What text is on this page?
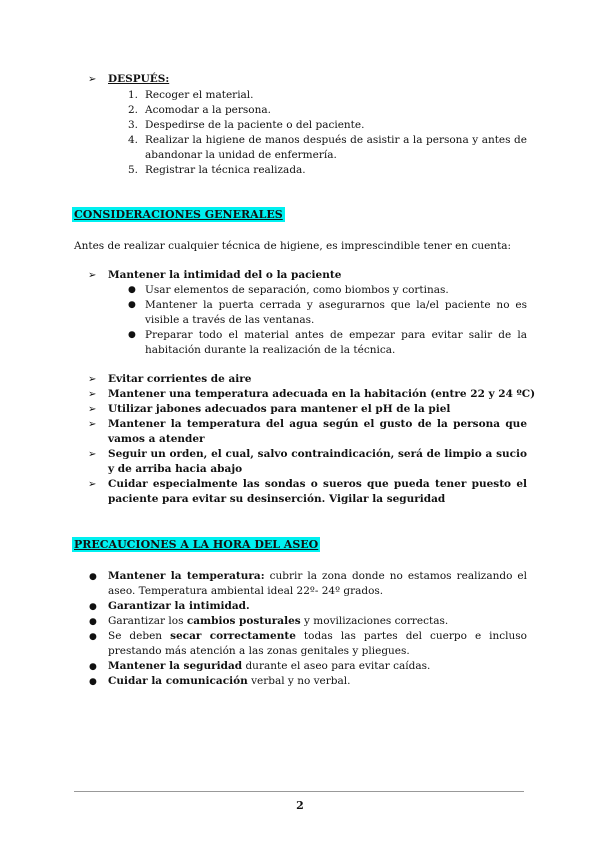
➢ DESPUÉS:
1. Recoger el material.
2. Acomodar a la persona.
3. Despedirse de la paciente o del paciente.
4. Realizar la higiene de manos después de asistir a la persona y antes de abandonar la unidad de enfermería.
5. Registrar la técnica realizada.
CONSIDERACIONES GENERALES
Antes de realizar cualquier técnica de higiene, es imprescindible tener en cuenta:
➢ Mantener la intimidad del o la paciente
● Usar elementos de separación, como biombos y cortinas.
● Mantener la puerta cerrada y asegurarnos que la/el paciente no es visible a través de las ventanas.
● Preparar todo el material antes de empezar para evitar salir de la habitación durante la realización de la técnica.
➢ Evitar corrientes de aire
➢ Mantener una temperatura adecuada en la habitación (entre 22 y 24 ºC)
➢ Utilizar jabones adecuados para mantener el pH de la piel
➢ Mantener la temperatura del agua según el gusto de la persona que vamos a atender
➢ Seguir un orden, el cual, salvo contraindicación, será de limpio a sucio y de arriba hacia abajo
➢ Cuidar especialmente las sondas o sueros que pueda tener puesto el paciente para evitar su desinserción. Vigilar la seguridad
PRECAUCIONES A LA HORA DEL ASEO
● Mantener la temperatura: cubrir la zona donde no estamos realizando el aseo. Temperatura ambiental ideal 22º- 24º grados.
● Garantizar la intimidad.
● Garantizar los cambios posturales y movilizaciones correctas.
● Se deben secar correctamente todas las partes del cuerpo e incluso prestando más atención a las zonas genitales y pliegues.
● Mantener la seguridad durante el aseo para evitar caídas.
● Cuidar la comunicación verbal y no verbal.
2
